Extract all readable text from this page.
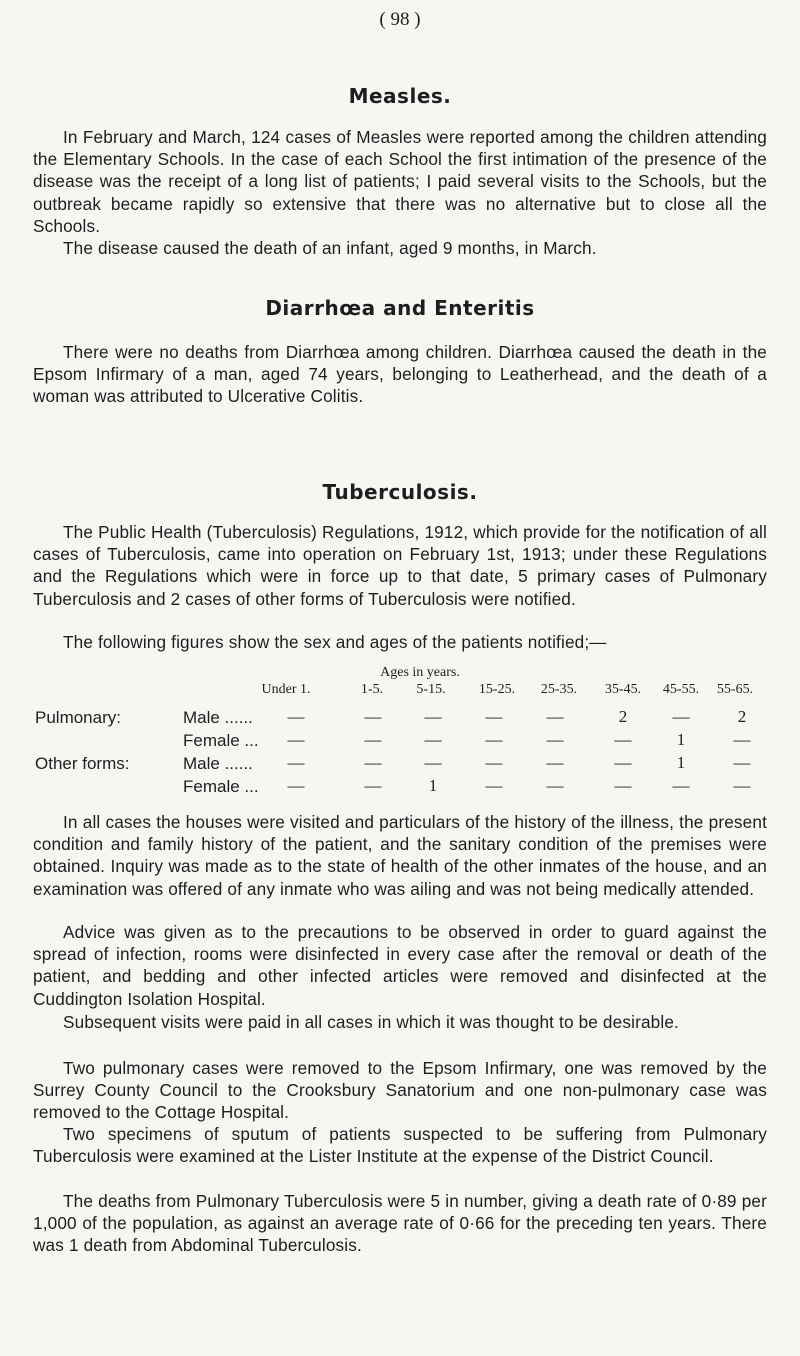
( 98 )
Measles.

In February and March, 124 cases of Measles were reported among the children attending the Elementary Schools. In the case of each School the first intimation of the presence of the disease was the receipt of a long list of patients; I paid several visits to the Schools, but the outbreak became rapidly so extensive that there was no alternative but to close all the Schools.

The disease caused the death of an infant, aged 9 months, in March.

Diarrhœa and Enteritis

There were no deaths from Diarrhœa among children. Diarrhœa caused the death in the Epsom Infirmary of a man, aged 74 years, belonging to Leatherhead, and the death of a woman was attributed to Ulcerative Colitis.

Tuberculosis.

The Public Health (Tuberculosis) Regulations, 1912, which provide for the notification of all cases of Tuberculosis, came into operation on February 1st, 1913; under these Regulations and the Regulations which were in force up to that date, 5 primary cases of Pulmonary Tuberculosis and 2 cases of other forms of Tuberculosis were notified.

The following figures show the sex and ages of the patients notified;—

Ages in years.
Under 1.	1-5. 5-15. 15-25. 25-35. 35-45. 45-55. 55-65.
Pulmonary:	Male ......	—	—	—	—	—	2	—	2
Female ...	—	—	—	—	—	—	1	—
Other forms:	Male ......	—	—	—	—	—	—	1	—
Female ...	—	—	1	—	—	—	—	—

In all cases the houses were visited and particulars of the history of the illness, the present condition and family history of the patient, and the sanitary condition of the premises were obtained. Inquiry was made as to the state of health of the other inmates of the house, and an examination was offered of any inmate who was ailing and was not being medically attended.

Advice was given as to the precautions to be observed in order to guard against the spread of infection, rooms were disinfected in every case after the removal or death of the patient, and bedding and other infected articles were removed and disinfected at the Cuddington Isolation Hospital.

Subsequent visits were paid in all cases in which it was thought to be desirable.

Two pulmonary cases were removed to the Epsom Infirmary, one was removed by the Surrey County Council to the Crooksbury Sanatorium and one non-pulmonary case was removed to the Cottage Hospital.

Two specimens of sputum of patients suspected to be suffering from Pulmonary Tuberculosis were examined at the Lister Institute at the expense of the District Council.

The deaths from Pulmonary Tuberculosis were 5 in number, giving a death rate of 0·89 per 1,000 of the population, as against an average rate of 0·66 for the preceding ten years. There was 1 death from Abdominal Tuberculosis.
